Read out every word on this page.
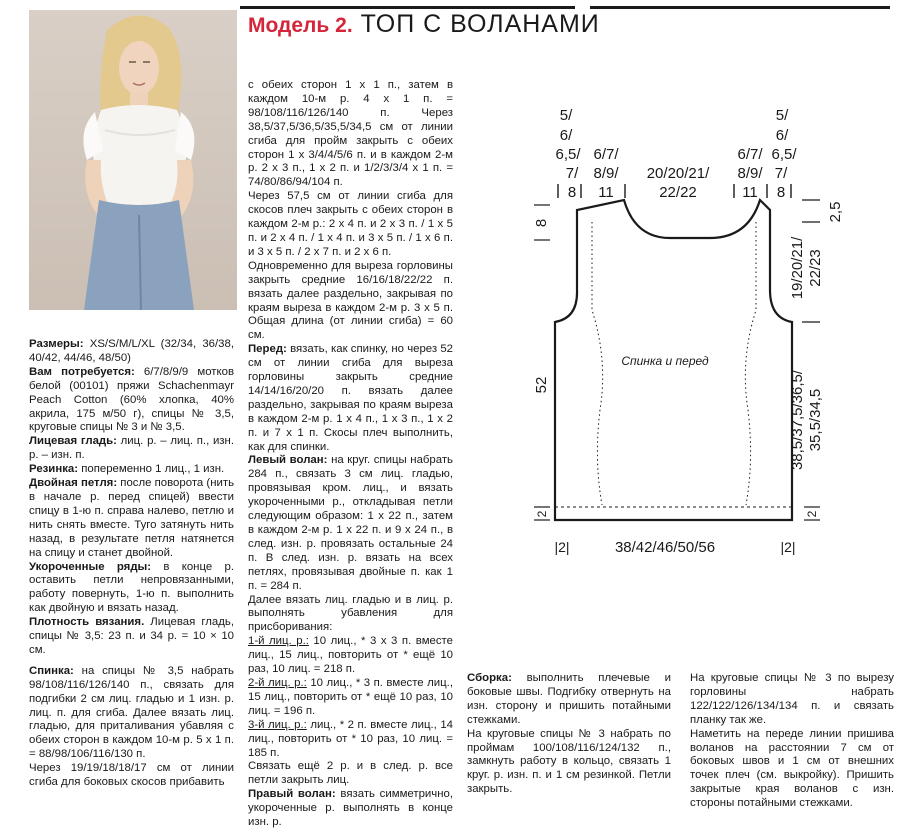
Модель 2. ТОП С ВОЛАНАМИ

Размеры: XS/S/M/L/XL (32/34, 36/38, 40/42, 44/46, 48/50)

Вам потребуется: 6/7/8/9/9 мотков белой (00101) пряжи Schachenmayr Peach Cotton (60% хлопка, 40% акрила, 175 м/50 г), спицы № 3,5, круговые спицы № 3 и № 3,5.

Лицевая гладь: лиц. р. – лиц. п., изн. р. – изн. п.

Резинка: попеременно 1 лиц., 1 изн.

Двойная петля: после поворота (нить в начале р. перед спицей) ввести спицу в 1-ю п. справа налево, петлю и нить снять вместе. Туго затянуть нить назад, в результате петля натянется на спицу и станет двойной.

Укороченные ряды: в конце р. оставить петли непровязанными, работу повернуть, 1-ю п. выполнить как двойную и вязать назад.

Плотность вязания. Лицевая гладь, спицы № 3,5: 23 п. и 34 р. = 10 × 10 см.

Спинка: на спицы № 3,5 набрать 98/108/116/126/140 п., связать для подгибки 2 см лиц. гладью и 1 изн. р. лиц. п. для сгиба. Далее вязать лиц. гладью, для приталивания убавляя с обеих сторон в каждом 10-м р. 5 х 1 п. = 88/98/106/116/130 п.

Через 19/19/18/18/17 см от линии сгиба для боковых скосов прибавить

с обеих сторон 1 х 1 п., затем в каждом 10-м р. 4 х 1 п. = 98/108/116/126/140 п. Через 38,5/37,5/36,5/35,5/34,5 см от линии сгиба для пройм закрыть с обеих сторон 1 х 3/4/4/5/6 п. и в каждом 2-м р. 2 х 3 п., 1 х 2 п. и 1/2/3/3/4 х 1 п. = 74/80/86/94/104 п.

Через 57,5 см от линии сгиба для скосов плеч закрыть с обеих сторон в каждом 2-м р.: 2 х 4 п. и 2 х 3 п. / 1 х 5 п. и 2 х 4 п. / 1 х 4 п. и 3 х 5 п. / 1 х 6 п. и 3 х 5 п. / 2 х 7 п. и 2 х 6 п.

Одновременно для выреза горловины закрыть средние 16/16/18/22/22 п. вязать далее раздельно, закрывая по краям выреза в каждом 2-м р. 3 х 5 п. Общая длина (от линии сгиба) = 60 см.

Перед: вязать, как спинку, но через 52 см от линии сгиба для выреза горловины закрыть средние 14/14/16/20/20 п. вязать далее раздельно, закрывая по краям выреза в каждом 2-м р. 1 х 4 п., 1 х 3 п., 1 х 2 п. и 7 х 1 п. Скосы плеч выполнить, как для спинки.

Левый волан: на круг. спицы набрать 284 п., связать 3 см лиц. гладью, провязывая кром. лиц., и вязать укороченными р., откладывая петли следующим образом: 1 х 22 п., затем в каждом 2-м р. 1 х 22 п. и 9 х 24 п., в след. изн. р. провязать остальные 24 п. В след. изн. р. вязать на всех петлях, провязывая двойные п. как 1 п. = 284 п.

Далее вязать лиц. гладью и в лиц. р. выполнять убавления для присборивания:

1-й лиц. р.: 10 лиц., * 3 х 3 п. вместе лиц., 15 лиц., повторить от * ещё 10 раз, 10 лиц. = 218 п.

2-й лиц. р.: 10 лиц., * 3 п. вместе лиц., 15 лиц., повторить от * ещё 10 раз, 10 лиц. = 196 п.

3-й лиц. р.: лиц., * 2 п. вместе лиц., 14 лиц., повторить от * 10 раз, 10 лиц. = 185 п.

Связать ещё 2 р. и в след. р. все петли закрыть лиц.

Правый волан: вязать симметрично, укороченные р. выполнять в конце изн. р.

Сборка: выполнить плечевые и боковые швы. Подгибку отвернуть на изн. сторону и пришить потайными стежками.

На круговые спицы № 3 набрать по проймам 100/108/116/124/132 п., замкнуть работу в кольцо, связать 1 круг. р. изн. п. и 1 см резинкой. Петли закрыть.

На круговые спицы № 3 по вырезу горловины набрать 122/122/126/134/134 п. и связать планку так же.

Наметить на переде линии пришива воланов на расстоянии 7 см от боковых швов и 1 см от внешних точек плеч (см. выкройку). Пришить закрытые края воланов с изн. стороны потайными стежками.

5/
6/
6,5/
7/
8
6/7/
8/9/
11
20/20/21/
22/22
6/7/
8/9/
11
5/
6/
6,5/
7/
8
8
52
2
2,5
19/20/21/ 22/23
38,5/37,5/36,5/ 35,5/34,5
2
Спинка и перед
|2|	38/42/46/50/56	|2|
